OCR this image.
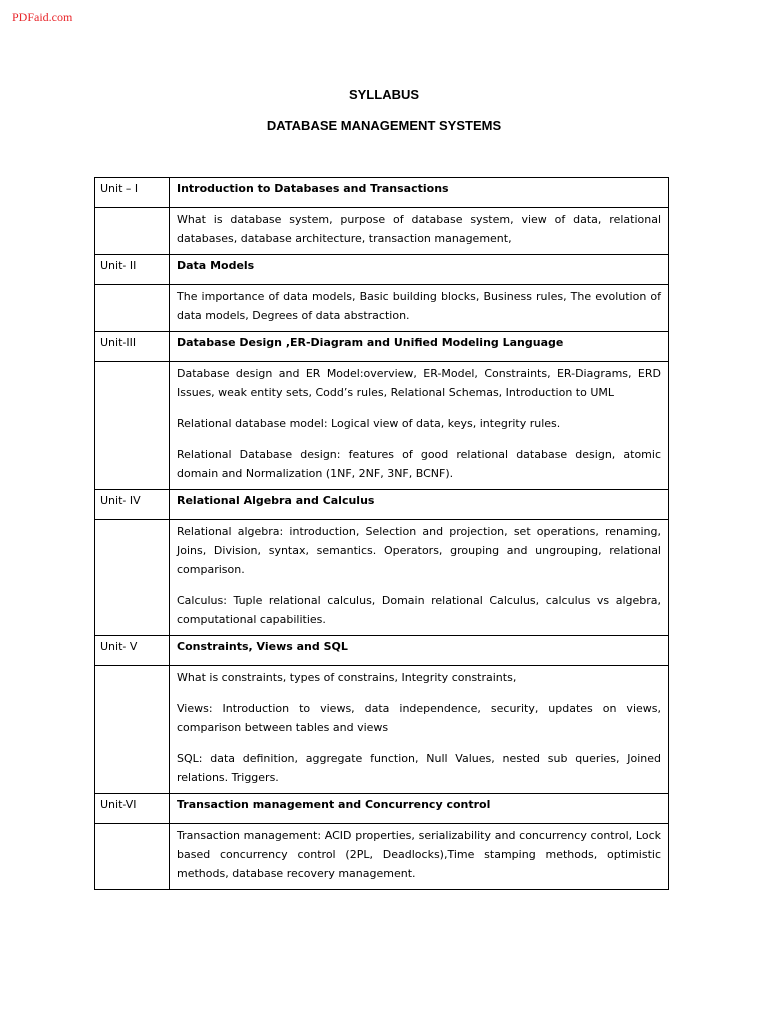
PDFaid.com
SYLLABUS
DATABASE MANAGEMENT SYSTEMS
Unit – I	Introduction to Databases and Transactions

	What is database system, purpose of database system, view of data, relational databases, database architecture, transaction management,

Unit- II	Data Models

	The importance of data models, Basic building blocks, Business rules, The evolution of data models, Degrees of data abstraction.

Unit-III	Database Design ,ER-Diagram and Unified Modeling Language

	Database design and ER Model:overview, ER-Model, Constraints, ER-Diagrams, ERD Issues, weak entity sets, Codd’s rules, Relational Schemas, Introduction to UML

Relational database model: Logical view of data, keys, integrity rules.

Relational Database design: features of good relational database design, atomic domain and Normalization (1NF, 2NF, 3NF, BCNF).

Unit- IV	Relational Algebra and Calculus

	Relational algebra: introduction, Selection and projection, set operations, renaming, Joins, Division, syntax, semantics. Operators, grouping and ungrouping, relational comparison.

Calculus: Tuple relational calculus, Domain relational Calculus, calculus vs algebra, computational capabilities.

Unit- V	Constraints, Views and SQL

	What is constraints, types of constrains, Integrity constraints,

Views: Introduction to views, data independence, security, updates on views, comparison between tables and views

SQL: data definition, aggregate function, Null Values, nested sub queries, Joined relations. Triggers.

Unit-VI	Transaction management and Concurrency control

	Transaction management: ACID properties, serializability and concurrency control, Lock based concurrency control (2PL, Deadlocks),Time stamping methods, optimistic methods, database recovery management.
